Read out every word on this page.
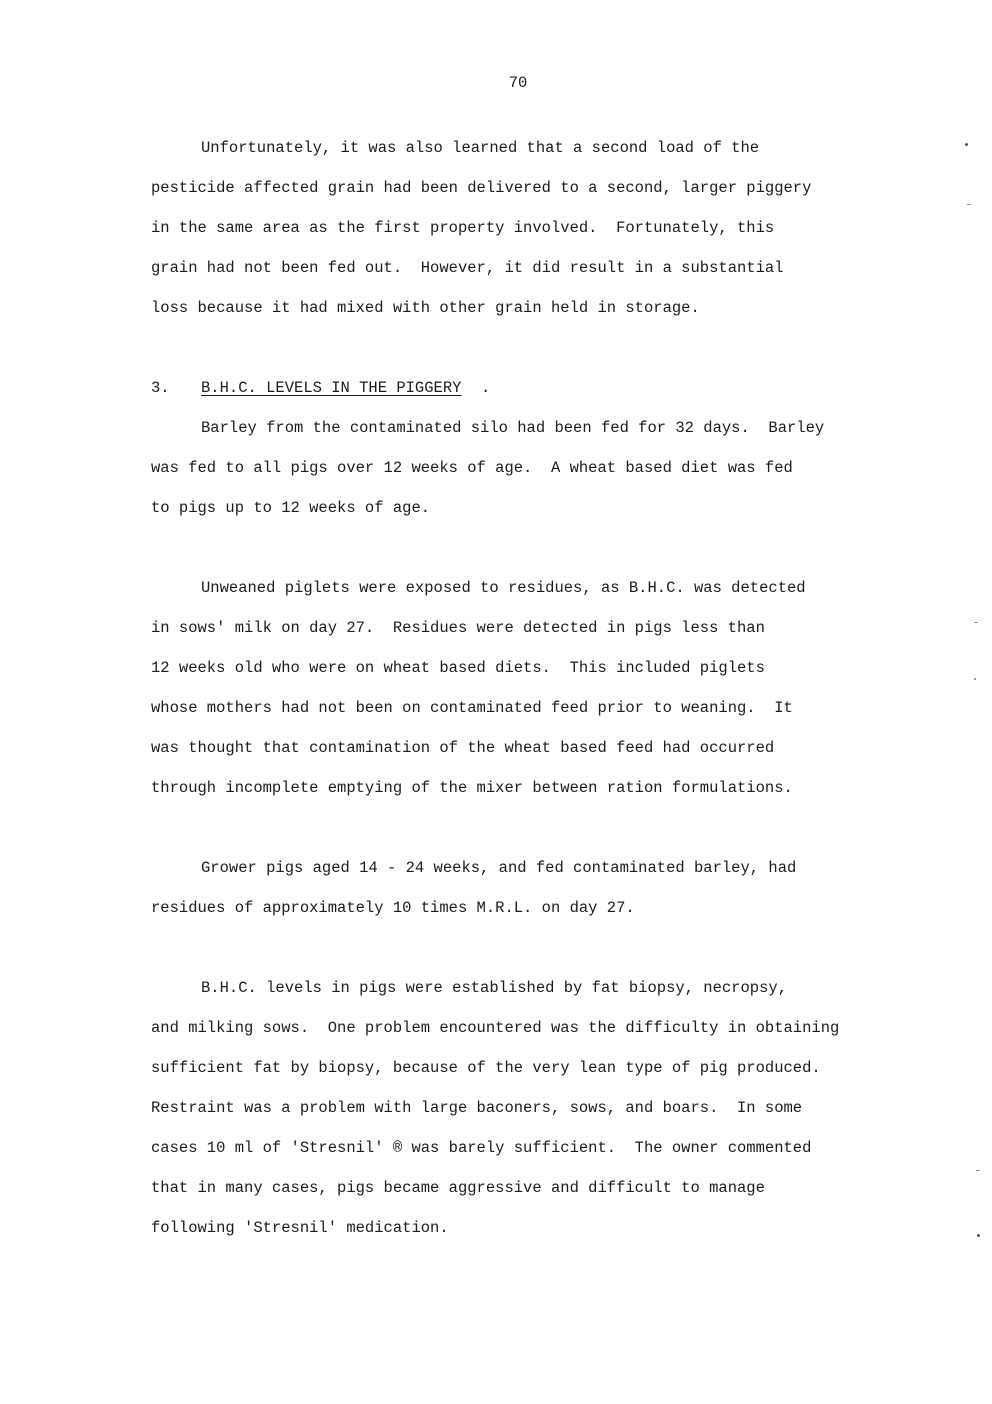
70
Unfortunately, it was also learned that a second load of the
pesticide affected grain had been delivered to a second, larger piggery
in the same area as the first property involved.  Fortunately, this
grain had not been fed out.  However, it did result in a substantial
loss because it had mixed with other grain held in storage.
3. B.H.C. LEVELS IN THE PIGGERY .
Barley from the contaminated silo had been fed for 32 days.  Barley
was fed to all pigs over 12 weeks of age.  A wheat based diet was fed
to pigs up to 12 weeks of age.
Unweaned piglets were exposed to residues, as B.H.C. was detected
in sows' milk on day 27.  Residues were detected in pigs less than
12 weeks old who were on wheat based diets.  This included piglets
whose mothers had not been on contaminated feed prior to weaning.  It
was thought that contamination of the wheat based feed had occurred
through incomplete emptying of the mixer between ration formulations.
Grower pigs aged 14 - 24 weeks, and fed contaminated barley, had
residues of approximately 10 times M.R.L. on day 27.
B.H.C. levels in pigs were established by fat biopsy, necropsy,
and milking sows.  One problem encountered was the difficulty in obtaining
sufficient fat by biopsy, because of the very lean type of pig produced.
Restraint was a problem with large baconers, sows, and boars.  In some
cases 10 ml of 'Stresnil' ® was barely sufficient.  The owner commented
that in many cases, pigs became aggressive and difficult to manage
following 'Stresnil' medication.
